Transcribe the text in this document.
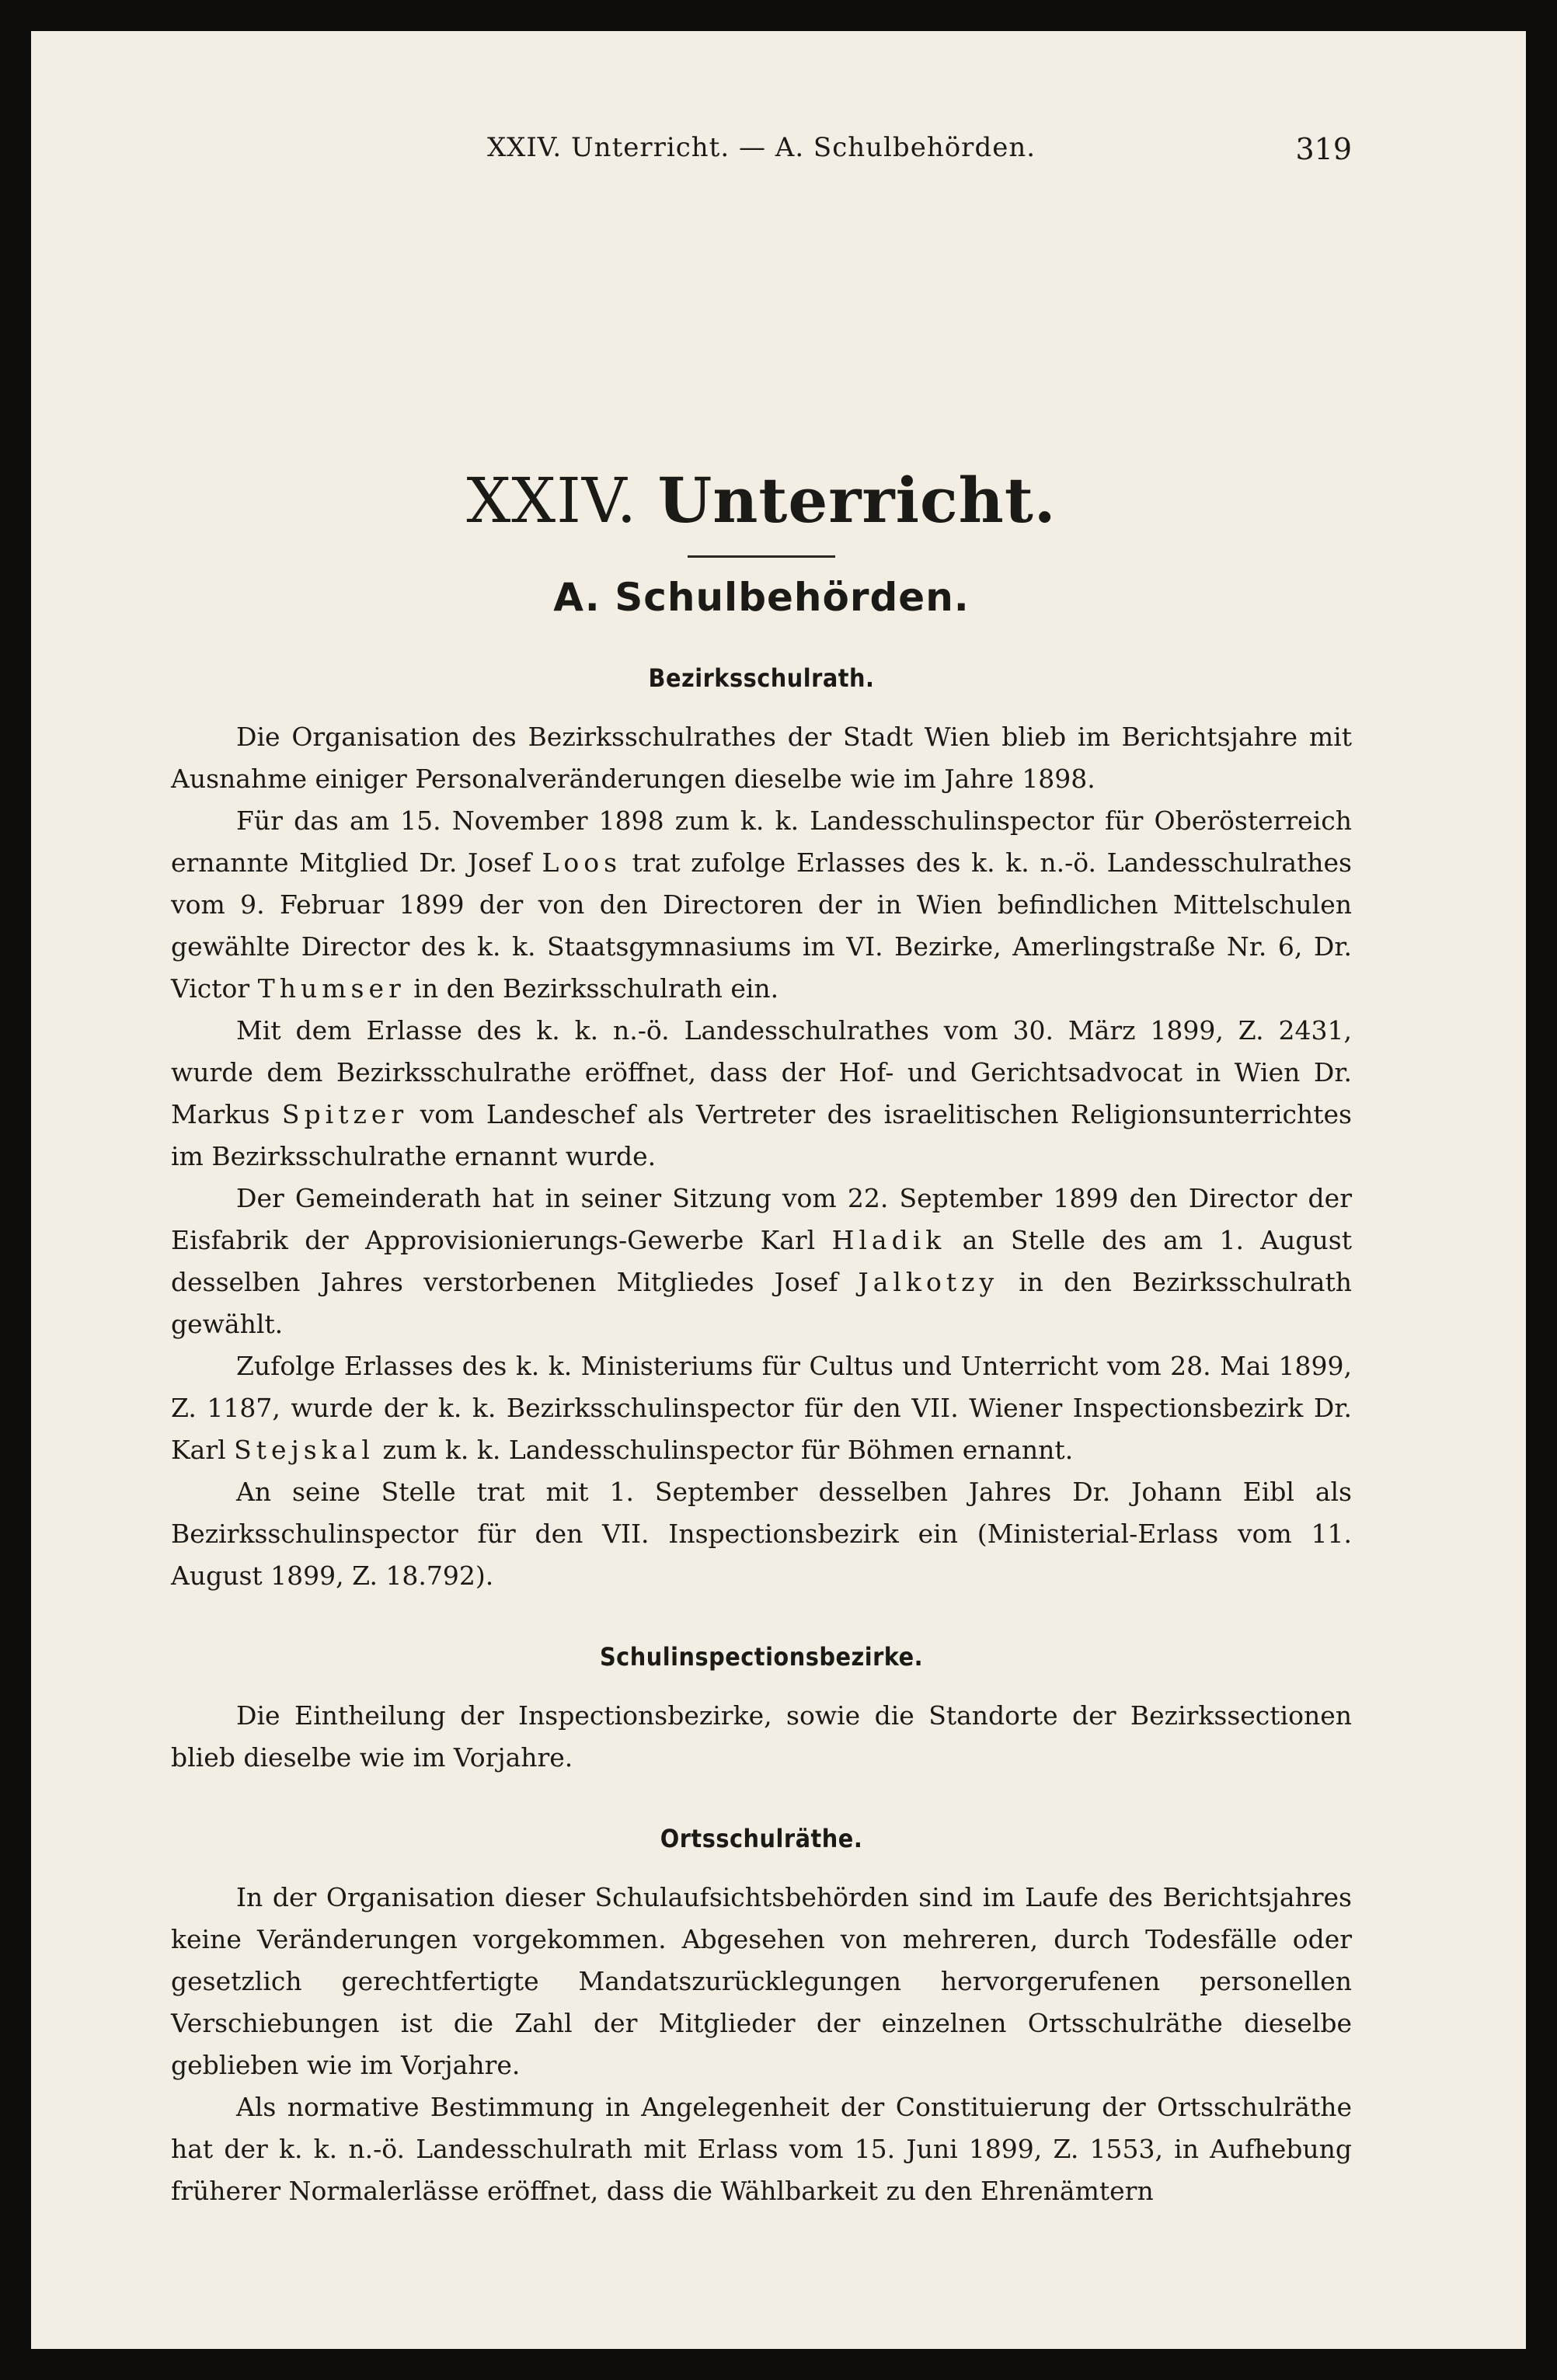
XXIV. Unterricht. — A. Schulbehörden.	319
XXIV. Unterricht.
A. Schulbehörden.
Bezirksschulrath.

Die Organisation des Bezirksschulrathes der Stadt Wien blieb im Berichtsjahre mit Ausnahme einiger Personalveränderungen dieselbe wie im Jahre 1898.

Für das am 15. November 1898 zum k. k. Landesschulinspector für Oberösterreich ernannte Mitglied Dr. Josef Loos trat zufolge Erlasses des k. k. n.-ö. Landesschulrathes vom 9. Februar 1899 der von den Directoren der in Wien befindlichen Mittelschulen gewählte Director des k. k. Staatsgymnasiums im VI. Bezirke, Amerlingstraße Nr. 6, Dr. Victor Thumser in den Bezirksschulrath ein.

Mit dem Erlasse des k. k. n.-ö. Landesschulrathes vom 30. März 1899, Z. 2431, wurde dem Bezirksschulrathe eröffnet, dass der Hof- und Gerichtsadvocat in Wien Dr. Markus Spitzer vom Landeschef als Vertreter des israelitischen Religionsunterrichtes im Bezirksschulrathe ernannt wurde.

Der Gemeinderath hat in seiner Sitzung vom 22. September 1899 den Director der Eisfabrik der Approvisionierungs-Gewerbe Karl Hladik an Stelle des am 1. August desselben Jahres verstorbenen Mitgliedes Josef Jalkotzy in den Bezirksschulrath gewählt.

Zufolge Erlasses des k. k. Ministeriums für Cultus und Unterricht vom 28. Mai 1899, Z. 1187, wurde der k. k. Bezirksschulinspector für den VII. Wiener Inspectionsbezirk Dr. Karl Stejskal zum k. k. Landesschulinspector für Böhmen ernannt.

An seine Stelle trat mit 1. September desselben Jahres Dr. Johann Eibl als Bezirksschulinspector für den VII. Inspectionsbezirk ein (Ministerial-Erlass vom 11. August 1899, Z. 18.792).

Schulinspectionsbezirke.

Die Eintheilung der Inspectionsbezirke, sowie die Standorte der Bezirkssectionen blieb dieselbe wie im Vorjahre.

Ortsschulräthe.

In der Organisation dieser Schulaufsichtsbehörden sind im Laufe des Berichtsjahres keine Veränderungen vorgekommen. Abgesehen von mehreren, durch Todesfälle oder gesetzlich gerechtfertigte Mandatszurücklegungen hervorgerufenen personellen Verschiebungen ist die Zahl der Mitglieder der einzelnen Ortsschulräthe dieselbe geblieben wie im Vorjahre.

Als normative Bestimmung in Angelegenheit der Constituierung der Ortsschulräthe hat der k. k. n.-ö. Landesschulrath mit Erlass vom 15. Juni 1899, Z. 1553, in Aufhebung früherer Normalerlässe eröffnet, dass die Wählbarkeit zu den Ehrenämtern
